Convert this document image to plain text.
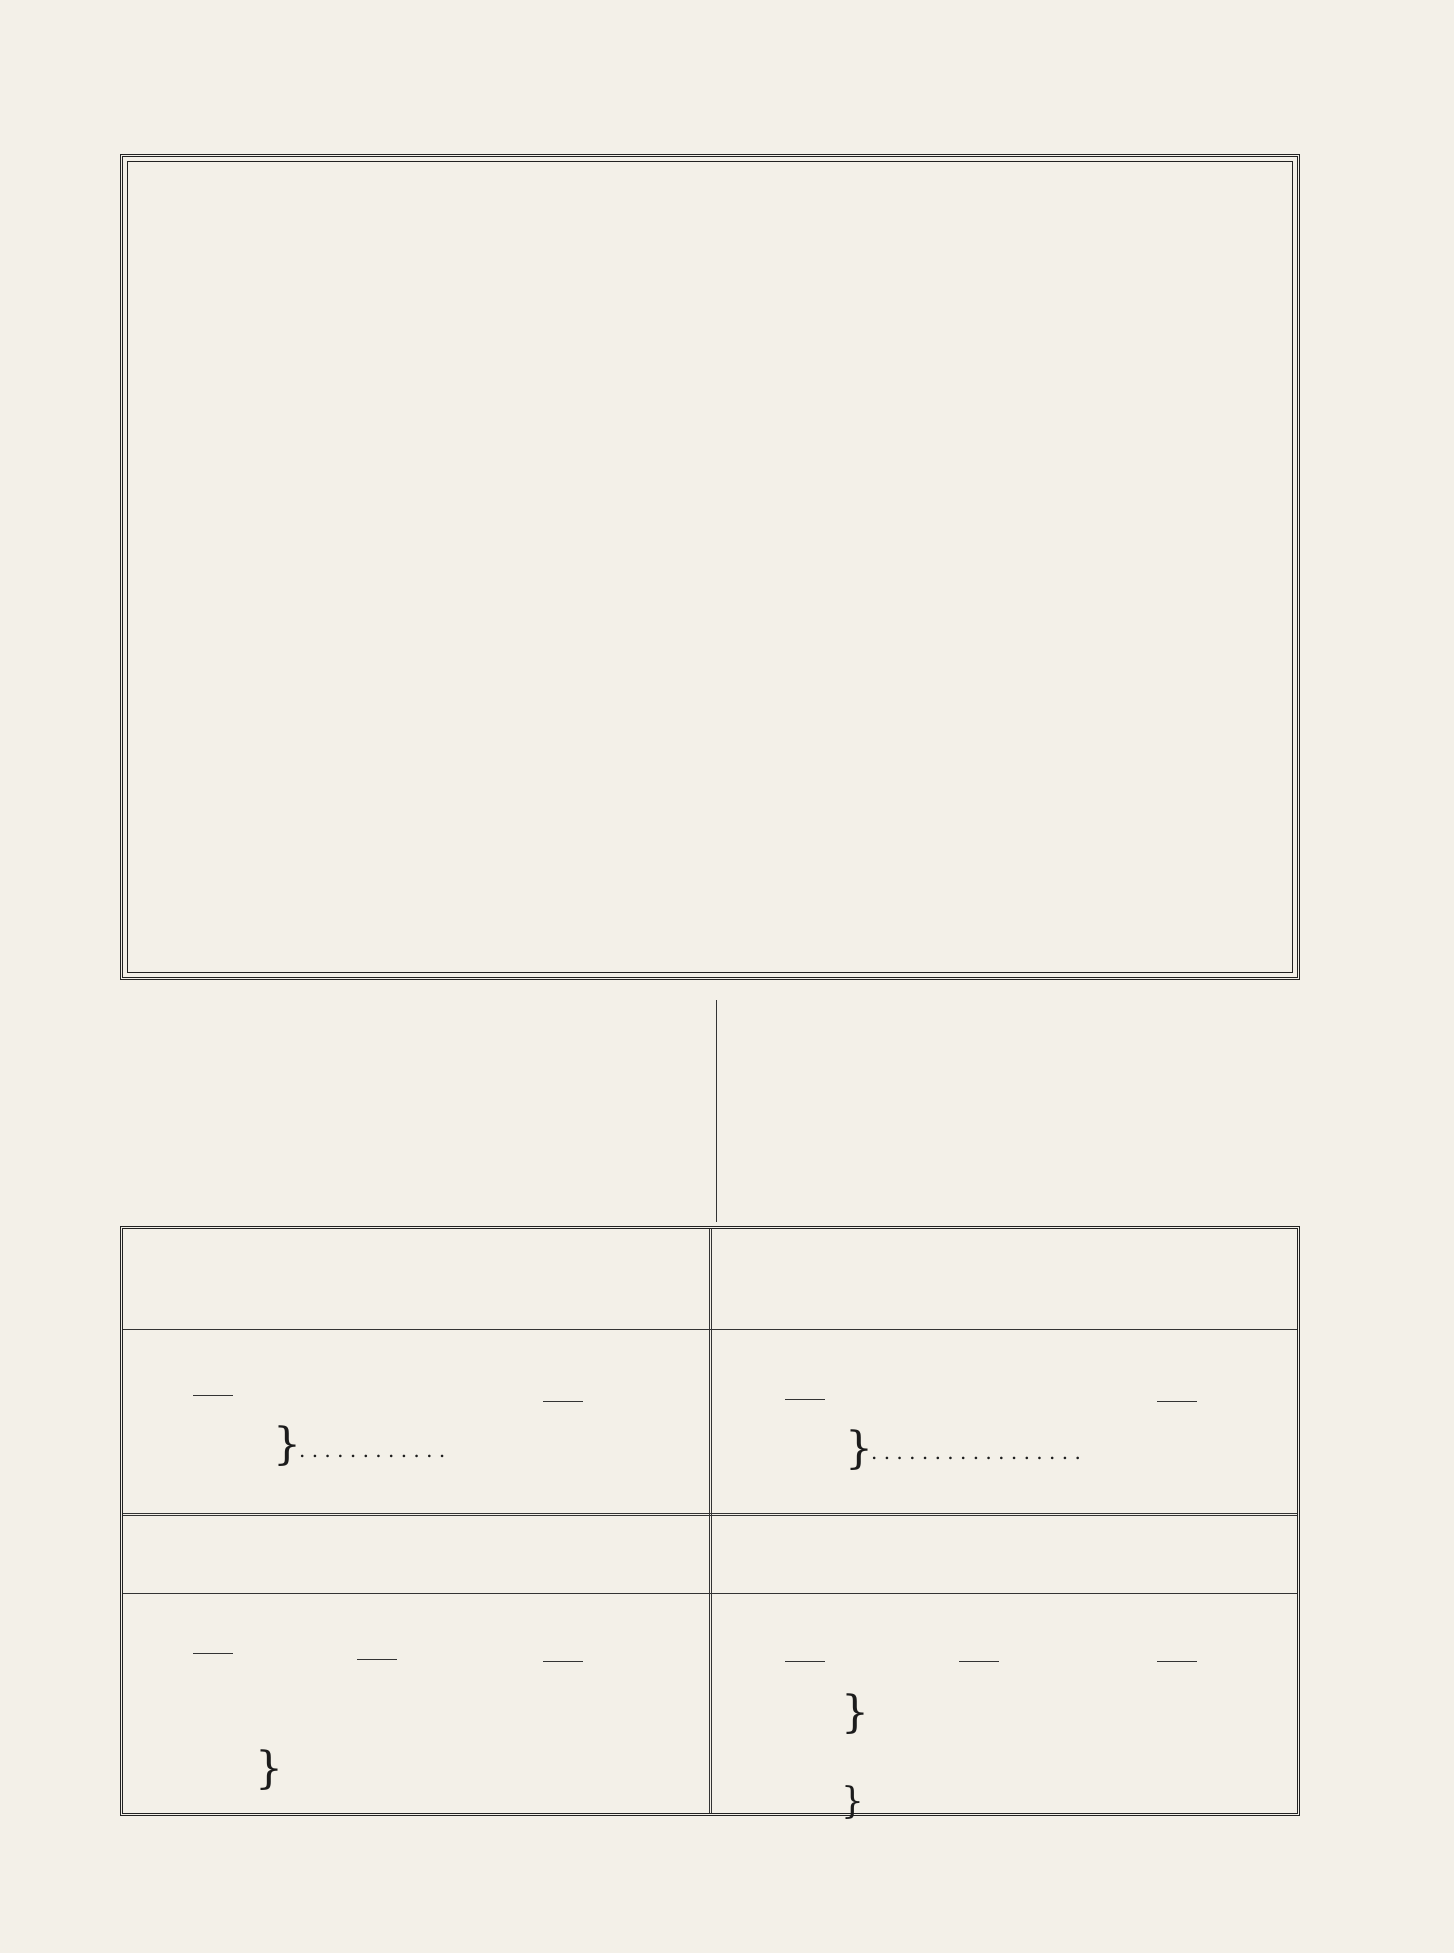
}
. . . . . . . . . . . .	}
. . . . . . . . . . . . . . . . .
}
}
}
